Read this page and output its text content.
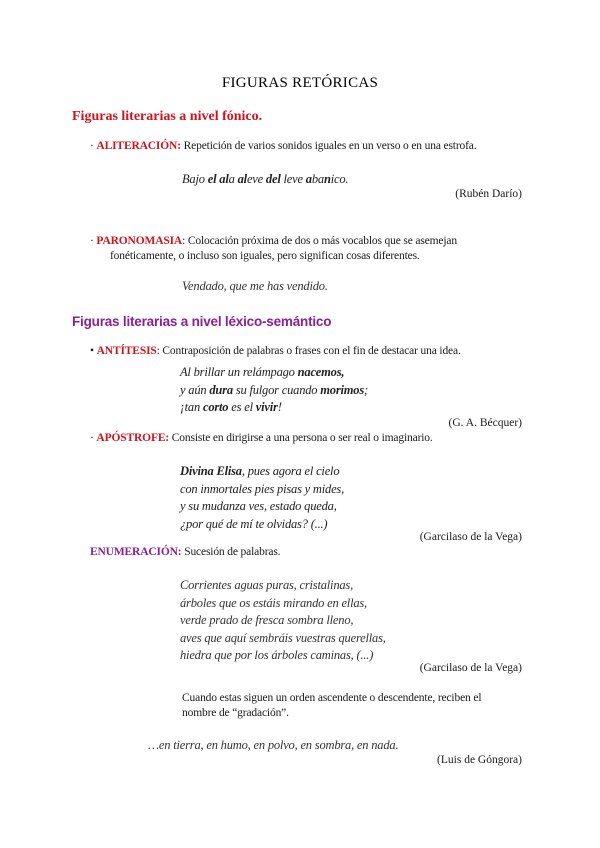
FIGURAS RETÓRICAS
Figuras literarias a nivel fónico.
· ALITERACIÓN: Repetición de varios sonidos iguales en un verso o en una estrofa.
Bajo el ala aleve del leve abanico.
(Rubén Darío)
· PARONOMASIA: Colocación próxima de dos o más vocablos que se asemejan
fonéticamente, o incluso son iguales, pero significan cosas diferentes.
Vendado, que me has vendido.
Figuras literarias a nivel léxico-semántico
• ANTÍTESIS: Contraposición de palabras o frases con el fin de destacar una idea.
Al brillar un relámpago nacemos,
y aún dura su fulgor cuando morimos;
¡tan corto es el vivir!
(G. A. Bécquer)
· APÓSTROFE: Consiste en dirigirse a una persona o ser real o imaginario.
Divina Elisa, pues agora el cielo
con inmortales pies pisas y mides,
y su mudanza ves, estado queda,
¿por qué de mí te olvidas? (...)
(Garcilaso de la Vega)
ENUMERACIÓN: Sucesión de palabras.
Corrientes aguas puras, cristalinas,
árboles que os estáis mirando en ellas,
verde prado de fresca sombra lleno,
aves que aquí sembráis vuestras querellas,
hiedra que por los árboles caminas, (...)
(Garcilaso de la Vega)
Cuando estas siguen un orden ascendente o descendente, reciben el
nombre de “gradación”.
…en tierra, en humo, en polvo, en sombra, en nada.
(Luis de Góngora)
